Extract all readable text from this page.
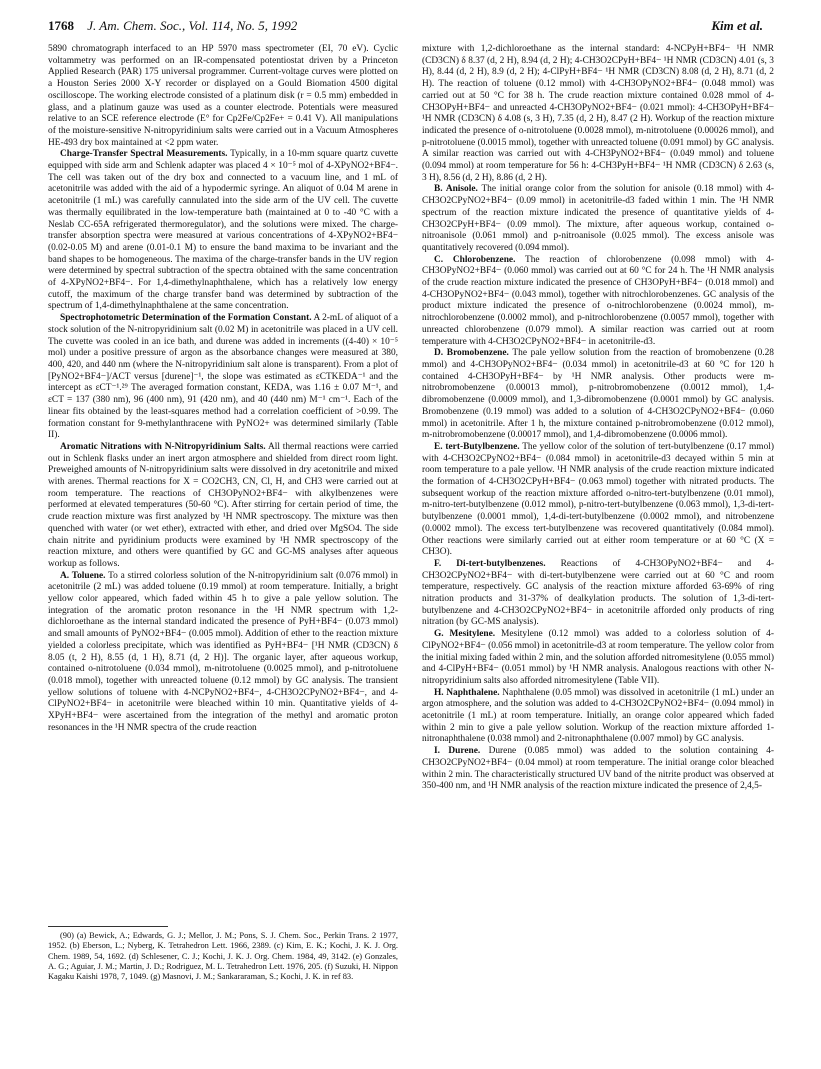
1768 J. Am. Chem. Soc., Vol. 114, No. 5, 1992	Kim et al.

5890 chromatograph interfaced to an HP 5970 mass spectrometer (EI, 70 eV). Cyclic voltammetry was performed on an IR-compensated potentiostat driven by a Princeton Applied Research (PAR) 175 universal programmer. Current-voltage curves were plotted on a Houston Series 2000 X-Y recorder or displayed on a Gould Biomation 4500 digital oscilloscope. The working electrode consisted of a platinum disk (r = 0.5 mm) embedded in glass, and a platinum gauze was used as a counter electrode. Potentials were measured relative to an SCE reference electrode (E° for Cp2Fe/Cp2Fe+ = 0.41 V). All manipulations of the moisture-sensitive N-nitropyridinium salts were carried out in a Vacuum Atmospheres HE-493 dry box maintained at <2 ppm water.

Charge-Transfer Spectral Measurements. Typically, in a 10-mm square quartz cuvette equipped with side arm and Schlenk adapter was placed 4 × 10⁻⁵ mol of 4-XPyNO2+BF4−. The cell was taken out of the dry box and connected to a vacuum line, and 1 mL of acetonitrile was added with the aid of a hypodermic syringe. An aliquot of 0.04 M arene in acetonitrile (1 mL) was carefully cannulated into the side arm of the UV cell. The cuvette was thermally equilibrated in the low-temperature bath (maintained at 0 to -40 °C with a Neslab CC-65A refrigerated thermoregulator), and the solutions were mixed. The charge-transfer absorption spectra were measured at various concentrations of 4-XPyNO2+BF4− (0.02-0.05 M) and arene (0.01-0.1 M) to ensure the band maxima to be invariant and the band shapes to be homogeneous. The maxima of the charge-transfer bands in the UV region were determined by spectral subtraction of the spectra obtained with the same concentration of 4-XPyNO2+BF4−. For 1,4-dimethylnaphthalene, which has a relatively low energy cutoff, the maximum of the charge transfer band was determined by subtraction of the spectrum of 1,4-dimethylnaphthalene at the same concentration.

Spectrophotometric Determination of the Formation Constant. A 2-mL of aliquot of a stock solution of the N-nitropyridinium salt (0.02 M) in acetonitrile was placed in a UV cell. The cuvette was cooled in an ice bath, and durene was added in increments ((4-40) × 10⁻⁵ mol) under a positive pressure of argon as the absorbance changes were measured at 380, 400, 420, and 440 nm (where the N-nitropyridinium salt alone is transparent). From a plot of [PyNO2+BF4−]/ACT versus [durene]⁻¹, the slope was estimated as εCTKEDA⁻¹ and the intercept as εCT⁻¹.²⁹ The averaged formation constant, KEDA, was 1.16 ± 0.07 M⁻¹, and εCT = 137 (380 nm), 96 (400 nm), 91 (420 nm), and 40 (440 nm) M⁻¹ cm⁻¹. Each of the linear fits obtained by the least-squares method had a correlation coefficient of >0.99. The formation constant for 9-methylanthracene with PyNO2+ was determined similarly (Table II).

Aromatic Nitrations with N-Nitropyridinium Salts. All thermal reactions were carried out in Schlenk flasks under an inert argon atmosphere and shielded from direct room light. Preweighed amounts of N-nitropyridinium salts were dissolved in dry acetonitrile and mixed with arenes. Thermal reactions for X = CO2CH3, CN, Cl, H, and CH3 were carried out at room temperature. The reactions of CH3OPyNO2+BF4− with alkylbenzenes were performed at elevated temperatures (50-60 °C). After stirring for certain period of time, the crude reaction mixture was first analyzed by ¹H NMR spectroscopy. The mixture was then quenched with water (or wet ether), extracted with ether, and dried over MgSO4. The side chain nitrite and pyridinium products were examined by ¹H NMR spectroscopy of the reaction mixture, and others were quantified by GC and GC-MS analyses after aqueous workup as follows.

A. Toluene. To a stirred colorless solution of the N-nitropyridinium salt (0.076 mmol) in acetonitrile (2 mL) was added toluene (0.19 mmol) at room temperature. Initially, a bright yellow color appeared, which faded within 45 h to give a pale yellow solution. The integration of the aromatic proton resonance in the ¹H NMR spectrum with 1,2-dichloroethane as the internal standard indicated the presence of PyH+BF4− (0.073 mmol) and small amounts of PyNO2+BF4− (0.005 mmol). Addition of ether to the reaction mixture yielded a colorless precipitate, which was identified as PyH+BF4− [¹H NMR (CD3CN) δ 8.05 (t, 2 H), 8.55 (d, 1 H), 8.71 (d, 2 H)]. The organic layer, after aqueous workup, contained o-nitrotoluene (0.034 mmol), m-nitrotoluene (0.0025 mmol), and p-nitrotoluene (0.018 mmol), together with unreacted toluene (0.12 mmol) by GC analysis. The transient yellow solutions of toluene with 4-NCPyNO2+BF4−, 4-CH3O2CPyNO2+BF4−, and 4-ClPyNO2+BF4− in acetonitrile were bleached within 10 min. Quantitative yields of 4-XPyH+BF4− were ascertained from the integration of the methyl and aromatic proton resonances in the ¹H NMR spectra of the crude reaction

mixture with 1,2-dichloroethane as the internal standard: 4-NCPyH+BF4− ¹H NMR (CD3CN) δ 8.37 (d, 2 H), 8.94 (d, 2 H); 4-CH3O2CPyH+BF4− ¹H NMR (CD3CN) 4.01 (s, 3 H), 8.44 (d, 2 H), 8.9 (d, 2 H); 4-ClPyH+BF4− ¹H NMR (CD3CN) 8.08 (d, 2 H), 8.71 (d, 2 H). The reaction of toluene (0.12 mmol) with 4-CH3OPyNO2+BF4− (0.048 mmol) was carried out at 50 °C for 38 h. The crude reaction mixture contained 0.028 mmol of 4-CH3OPyH+BF4− and unreacted 4-CH3OPyNO2+BF4− (0.021 mmol): 4-CH3OPyH+BF4− ¹H NMR (CD3CN) δ 4.08 (s, 3 H), 7.35 (d, 2 H), 8.47 (2 H). Workup of the reaction mixture indicated the presence of o-nitrotoluene (0.0028 mmol), m-nitrotoluene (0.00026 mmol), and p-nitrotoluene (0.0015 mmol), together with unreacted toluene (0.091 mmol) by GC analysis. A similar reaction was carried out with 4-CH3PyNO2+BF4− (0.049 mmol) and toluene (0.094 mmol) at room temperature for 56 h: 4-CH3PyH+BF4− ¹H NMR (CD3CN) δ 2.63 (s, 3 H), 8.56 (d, 2 H), 8.86 (d, 2 H).

B. Anisole. The initial orange color from the solution for anisole (0.18 mmol) with 4-CH3O2CPyNO2+BF4− (0.09 mmol) in acetonitrile-d3 faded within 1 min. The ¹H NMR spectrum of the reaction mixture indicated the presence of quantitative yields of 4-CH3O2CPyH+BF4− (0.09 mmol). The mixture, after aqueous workup, contained o-nitroanisole (0.061 mmol) and p-nitroanisole (0.025 mmol). The excess anisole was quantitatively recovered (0.094 mmol).

C. Chlorobenzene. The reaction of chlorobenzene (0.098 mmol) with 4-CH3OPyNO2+BF4− (0.060 mmol) was carried out at 60 °C for 24 h. The ¹H NMR analysis of the crude reaction mixture indicated the presence of CH3OPyH+BF4− (0.018 mmol) and 4-CH3OPyNO2+BF4− (0.043 mmol), together with nitrochlorobenzenes. GC analysis of the product mixture indicated the presence of o-nitrochlorobenzene (0.0024 mmol), m-nitrochlorobenzene (0.0002 mmol), and p-nitrochlorobenzene (0.0057 mmol), together with unreacted chlorobenzene (0.079 mmol). A similar reaction was carried out at room temperature with 4-CH3O2CPyNO2+BF4− in acetonitrile-d3.

D. Bromobenzene. The pale yellow solution from the reaction of bromobenzene (0.28 mmol) and 4-CH3OPyNO2+BF4− (0.034 mmol) in acetonitrile-d3 at 60 °C for 120 h contained 4-CH3OPyH+BF4− by ¹H NMR analysis. Other products were m-nitrobromobenzene (0.00013 mmol), p-nitrobromobenzene (0.0012 mmol), 1,4-dibromobenzene (0.0009 mmol), and 1,3-dibromobenzene (0.0001 mmol) by GC analysis. Bromobenzene (0.19 mmol) was added to a solution of 4-CH3O2CPyNO2+BF4− (0.060 mmol) in acetonitrile. After 1 h, the mixture contained p-nitrobromobenzene (0.012 mmol), m-nitrobromobenzene (0.00017 mmol), and 1,4-dibromobenzene (0.0006 mmol).

E. tert-Butylbenzene. The yellow color of the solution of tert-butylbenzene (0.17 mmol) with 4-CH3O2CPyNO2+BF4− (0.084 mmol) in acetonitrile-d3 decayed within 5 min at room temperature to a pale yellow. ¹H NMR analysis of the crude reaction mixture indicated the formation of 4-CH3O2CPyH+BF4− (0.063 mmol) together with nitrated products. The subsequent workup of the reaction mixture afforded o-nitro-tert-butylbenzene (0.01 mmol), m-nitro-tert-butylbenzene (0.012 mmol), p-nitro-tert-butylbenzene (0.063 mmol), 1,3-di-tert-butylbenzene (0.0001 mmol), 1,4-di-tert-butylbenzene (0.0002 mmol), and nitrobenzene (0.0002 mmol). The excess tert-butylbenzene was recovered quantitatively (0.084 mmol). Other reactions were similarly carried out at either room temperature or at 60 °C (X = CH3O).

F. Di-tert-butylbenzenes. Reactions of 4-CH3OPyNO2+BF4− and 4-CH3O2CPyNO2+BF4− with di-tert-butylbenzene were carried out at 60 °C and room temperature, respectively. GC analysis of the reaction mixture afforded 63-69% of ring nitration products and 31-37% of dealkylation products. The solution of 1,3-di-tert-butylbenzene and 4-CH3O2CPyNO2+BF4− in acetonitrile afforded only products of ring nitration (by GC-MS analysis).

G. Mesitylene. Mesitylene (0.12 mmol) was added to a colorless solution of 4-ClPyNO2+BF4− (0.056 mmol) in acetonitrile-d3 at room temperature. The yellow color from the initial mixing faded within 2 min, and the solution afforded nitromesitylene (0.055 mmol) and 4-ClPyH+BF4− (0.051 mmol) by ¹H NMR analysis. Analogous reactions with other N-nitropyridinium salts also afforded nitromesitylene (Table VII).

H. Naphthalene. Naphthalene (0.05 mmol) was dissolved in acetonitrile (1 mL) under an argon atmosphere, and the solution was added to 4-CH3O2CPyNO2+BF4− (0.094 mmol) in acetonitrile (1 mL) at room temperature. Initially, an orange color appeared which faded within 2 min to give a pale yellow solution. Workup of the reaction mixture afforded 1-nitronaphthalene (0.038 mmol) and 2-nitronaphthalene (0.007 mmol) by GC analysis.

I. Durene. Durene (0.085 mmol) was added to the solution containing 4-CH3O2CPyNO2+BF4− (0.04 mmol) at room temperature. The initial orange color bleached within 2 min. The characteristically structured UV band of the nitrite product was observed at 350-400 nm, and ¹H NMR analysis of the reaction mixture indicated the presence of 2,4,5-

(90) (a) Bewick, A.; Edwards, G. J.; Mellor, J. M.; Pons, S. J. Chem. Soc., Perkin Trans. 2 1977, 1952. (b) Eberson, L.; Nyberg, K. Tetrahedron Lett. 1966, 2389. (c) Kim, E. K.; Kochi, J. K. J. Org. Chem. 1989, 54, 1692. (d) Schlesener, C. J.; Kochi, J. K. J. Org. Chem. 1984, 49, 3142. (e) Gonzales, A. G.; Aguiar, J. M.; Martin, J. D.; Rodriguez, M. L. Tetrahedron Lett. 1976, 205. (f) Suzuki, H. Nippon Kagaku Kaishi 1978, 7, 1049. (g) Masnovi, J. M.; Sankararaman, S.; Kochi, J. K. in ref 83.
